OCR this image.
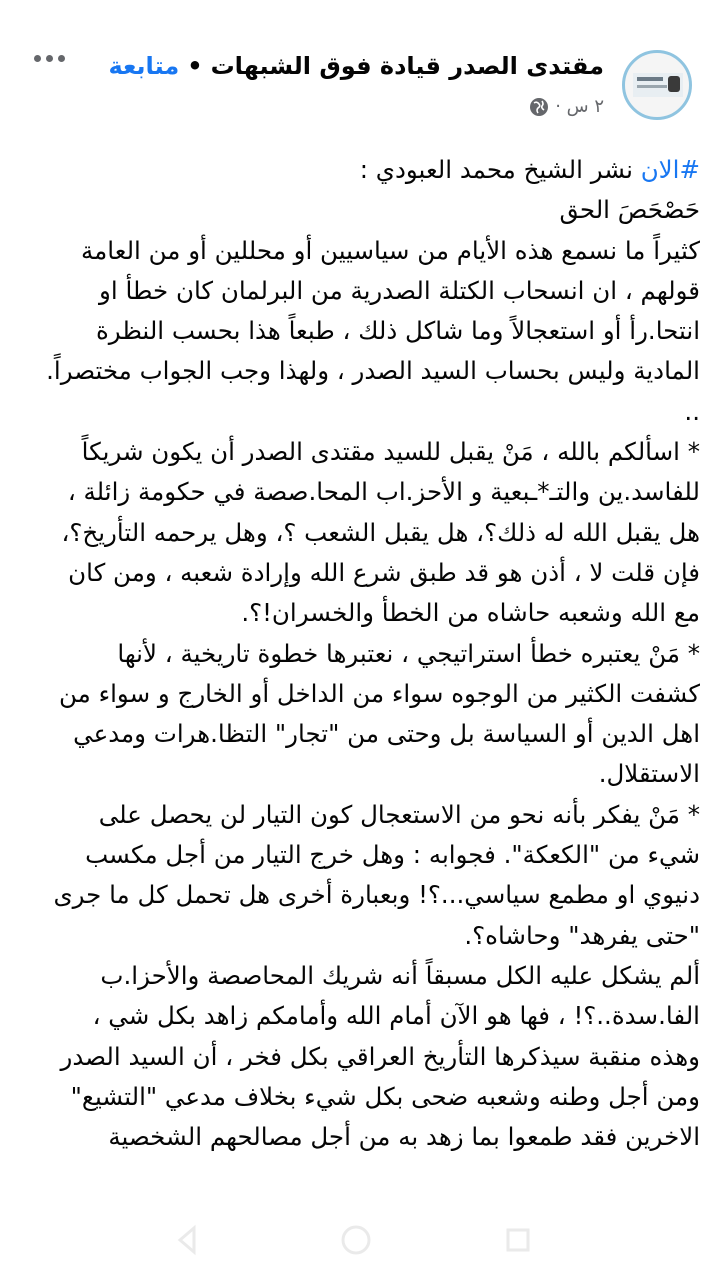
مقتدى الصدر قيادة فوق الشبهات•متابعة
٢ س ·

#الان نشر الشيخ محمد العبودي :

حَصْحَصَ الحق
كثيراً ما نسمع هذه الأيام من سياسيين أو محللين أو من العامة قولهم ، ان انسحاب الكتلة الصدرية من البرلمان كان خطأ او انتحا.رأ أو استعجالاً وما شاكل ذلك ، طبعاً هذا بحسب النظرة المادية وليس بحساب السيد الصدر ، ولهذا وجب الجواب مختصراً.
..

* اسألكم بالله ، مَنْ يقبل للسيد مقتدى الصدر أن يكون شريكاً للفاسد.ين والتـ*ـبعية و الأحز.اب المحا.صصة في حكومة زائلة ، هل يقبل الله له ذلك؟، هل يقبل الشعب ؟، وهل يرحمه التأريخ؟، فإن قلت لا ، أذن هو قد طبق شرع الله وإرادة شعبه ، ومن كان مع الله وشعبه حاشاه من الخطأ والخسران!؟.

* مَنْ يعتبره خطأ استراتيجي ، نعتبرها خطوة تاريخية ، لأنها كشفت الكثير من الوجوه سواء من الداخل أو الخارج و سواء من اهل الدين أو السياسة بل وحتى من "تجار" التظا.هرات ومدعي الاستقلال.

* مَنْ يفكر بأنه نحو من الاستعجال كون التيار لن يحصل على شيء من "الكعكة". فجوابه : وهل خرج التيار من أجل مكسب دنيوي او مطمع سياسي...؟! وبعبارة أخرى هل تحمل كل ما جرى "حتى يفرهد" وحاشاه؟.

ألم يشكل عليه الكل مسبقاً أنه شريك المحاصصة والأحزا.ب الفا.سدة..؟! ، فها هو الآن أمام الله وأمامكم زاهد بكل شي ، وهذه منقبة سيذكرها التأريخ العراقي بكل فخر ، أن السيد الصدر ومن أجل وطنه وشعبه ضحى بكل شيء بخلاف مدعي "التشيع" الاخرين فقد طمعوا بما زهد به من أجل مصالحهم الشخصية
